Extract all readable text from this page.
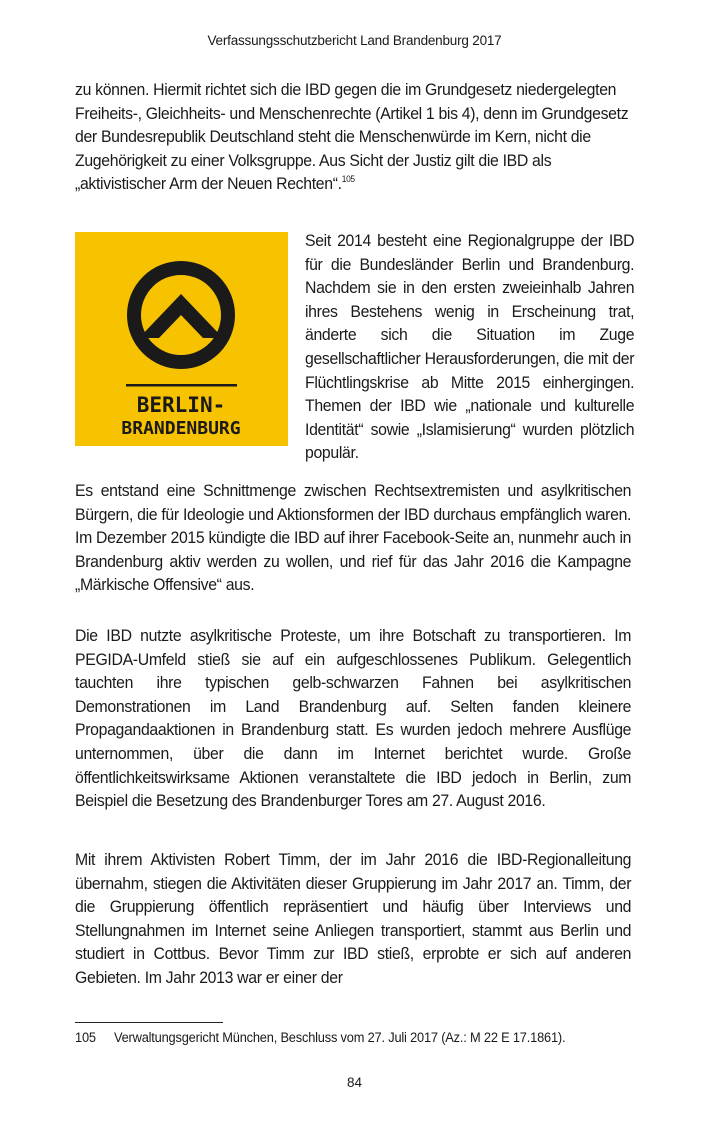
Verfassungsschutzbericht Land Brandenburg 2017

zu können. Hiermit richtet sich die IBD gegen die im Grundgesetz niedergelegten Freiheits-, Gleichheits- und Menschenrechte (Artikel 1 bis 4), denn im Grundgesetz der Bundesrepublik Deutschland steht die Menschenwürde im Kern, nicht die Zugehörigkeit zu einer Volksgruppe. Aus Sicht der Justiz gilt die IBD als „aktivistischer Arm der Neuen Rechten“.$^{105}$

BERLIN-
BRANDENBURG

Seit 2014 besteht eine Regionalgruppe der IBD für die Bundesländer Berlin und Brandenburg. Nachdem sie in den ersten zweieinhalb Jahren ihres Bestehens wenig in Erscheinung trat, änderte sich die Situation im Zuge gesellschaftlicher Herausforderungen, die mit der Flüchtlingskrise ab Mitte 2015 einhergingen. Themen der IBD wie „nationale und kulturelle Identität“ sowie „Islamisierung“ wurden plötzlich populär.

Es entstand eine Schnittmenge zwischen Rechtsextremisten und asylkritischen Bürgern, die für Ideologie und Aktionsformen der IBD durchaus empfänglich waren. Im Dezember 2015 kündigte die IBD auf ihrer Facebook-Seite an, nunmehr auch in Brandenburg aktiv werden zu wollen, und rief für das Jahr 2016 die Kampagne „Märkische Offensive“ aus.

Die IBD nutzte asylkritische Proteste, um ihre Botschaft zu transportieren. Im PEGIDA-Umfeld stieß sie auf ein aufgeschlossenes Publikum. Gelegentlich tauchten ihre typischen gelb-schwarzen Fahnen bei asylkritischen Demonstrationen im Land Brandenburg auf. Selten fanden kleinere Propagandaaktionen in Brandenburg statt. Es wurden jedoch mehrere Ausflüge unternommen, über die dann im Internet berichtet wurde. Große öffentlichkeitswirksame Aktionen veranstaltete die IBD jedoch in Berlin, zum Beispiel die Besetzung des Brandenburger Tores am 27. August 2016.

Mit ihrem Aktivisten Robert Timm, der im Jahr 2016 die IBD-Regionalleitung übernahm, stiegen die Aktivitäten dieser Gruppierung im Jahr 2017 an. Timm, der die Gruppierung öffentlich repräsentiert und häufig über Interviews und Stellungnahmen im Internet seine Anliegen transportiert, stammt aus Berlin und studiert in Cottbus. Bevor Timm zur IBD stieß, erprobte er sich auf anderen Gebieten. Im Jahr 2013 war er einer der

105 Verwaltungsgericht München, Beschluss vom 27. Juli 2017 (Az.: M 22 E 17.1861).
84
